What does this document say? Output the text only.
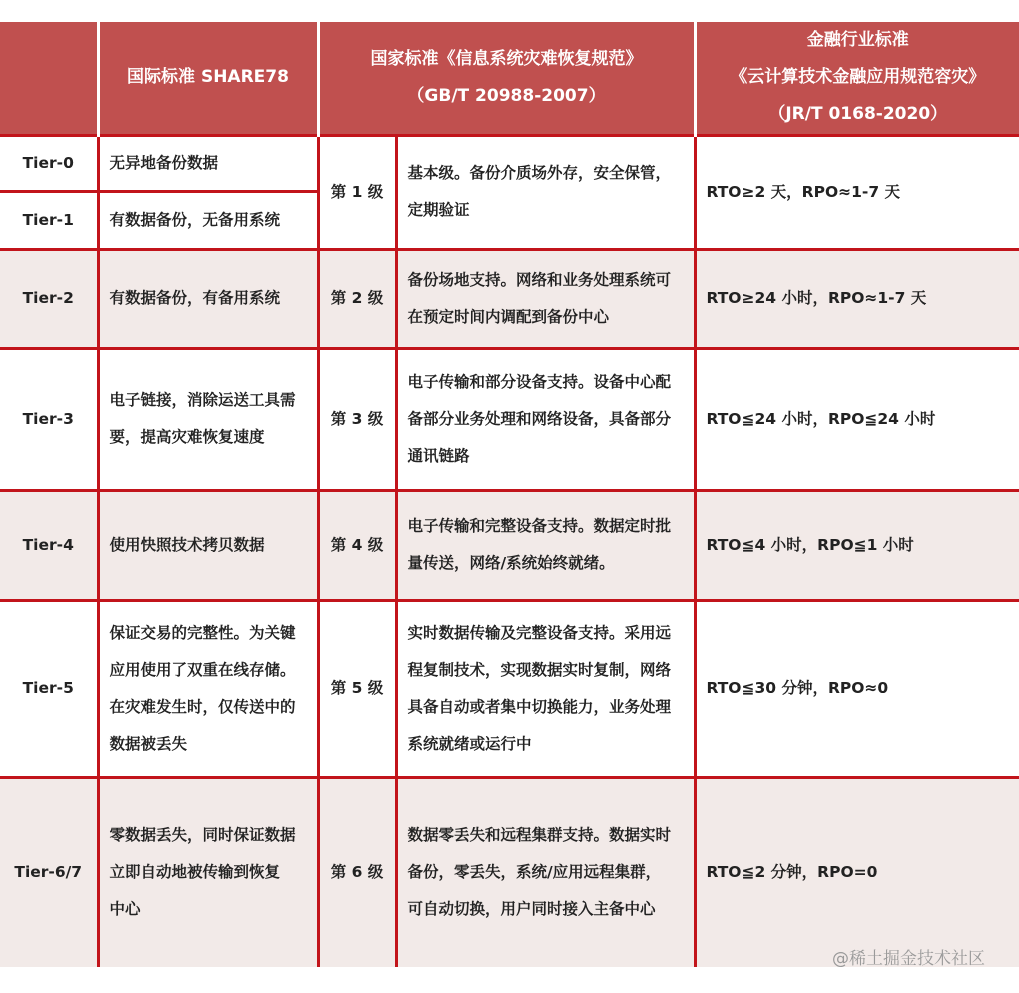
	国际标准 SHARE78	国家标准《信息系统灾难恢复规范》
（GB/T 20988-2007）		金融行业标准
《云计算技术金融应用规范容灾》
（JR/T 0168-2020）
Tier-0	无异地备份数据	第 1 级	基本级。备份介质场外存，安全保管，
定期验证	RTO≥2 天，RPO≈1-7 天
Tier-1	有数据备份，无备用系统			
Tier-2	有数据备份，有备用系统	第 2 级	备份场地支持。网络和业务处理系统可
在预定时间内调配到备份中心	RTO≥24 小时，RPO≈1-7 天
Tier-3	电子链接，消除运送工具需
要，提高灾难恢复速度	第 3 级	电子传输和部分设备支持。设备中心配
备部分业务处理和网络设备，具备部分
通讯链路	RTO≦24 小时，RPO≦24 小时
Tier-4	使用快照技术拷贝数据	第 4 级	电子传输和完整设备支持。数据定时批
量传送，网络/系统始终就绪。	RTO≦4 小时，RPO≦1 小时
Tier-5	保证交易的完整性。为关键
应用使用了双重在线存储。
在灾难发生时，仅传送中的
数据被丢失	第 5 级	实时数据传输及完整设备支持。采用远
程复制技术，实现数据实时复制，网络
具备自动或者集中切换能力，业务处理
系统就绪或运行中	RTO≦30 分钟，RPO≈0
Tier-6/7	零数据丢失，同时保证数据
立即自动地被传输到恢复
中心	第 6 级	数据零丢失和远程集群支持。数据实时
备份，零丢失，系统/应用远程集群，
可自动切换，用户同时接入主备中心	RTO≦2 分钟，RPO=0
@稀土掘金技术社区
